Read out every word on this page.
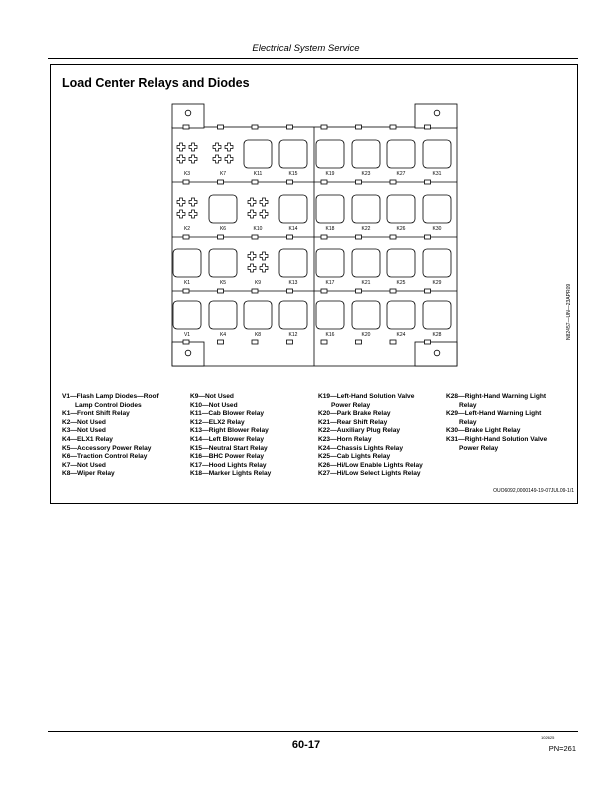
Electrical System Service
Load Center Relays and Diodes
K3	K7	K11	K15	K19	K23	K27	K31
K2	K6	K10	K14	K18	K22	K26	K30
K1	K5	K9	K13	K17	K21	K25	K29
V1	K4	K8	K12	K16	K20	K24	K28	N82457—UN—23APR09
V1—Flash Lamp Diodes—Roof
Lamp Control Diodes
K1—Front Shift Relay
K2—Not Used
K3—Not Used
K4—ELX1 Relay
K5—Accessory Power Relay
K6—Traction Control Relay
K7—Not Used
K8—Wiper Relay
K9—Not Used
K10—Not Used
K11—Cab Blower Relay
K12—ELX2 Relay
K13—Right Blower Relay
K14—Left Blower Relay
K15—Neutral Start Relay
K16—BHC Power Relay
K17—Hood Lights Relay
K18—Marker Lights Relay
K19—Left-Hand Solution Valve
Power Relay
K20—Park Brake Relay
K21—Rear Shift Relay
K22—Auxiliary Plug Relay
K23—Horn Relay
K24—Chassis Lights Relay
K25—Cab Lights Relay
K26—Hi/Low Enable Lights Relay
K27—Hi/Low Select Lights Relay
K28—Right-Hand Warning Light
Relay
K29—Left-Hand Warning Light
Relay
K30—Brake Light Relay
K31—Right-Hand Solution Valve
Power Relay
OUO6092,0000149-19-07JUL09-1/1
102625
60-17	PN=261
